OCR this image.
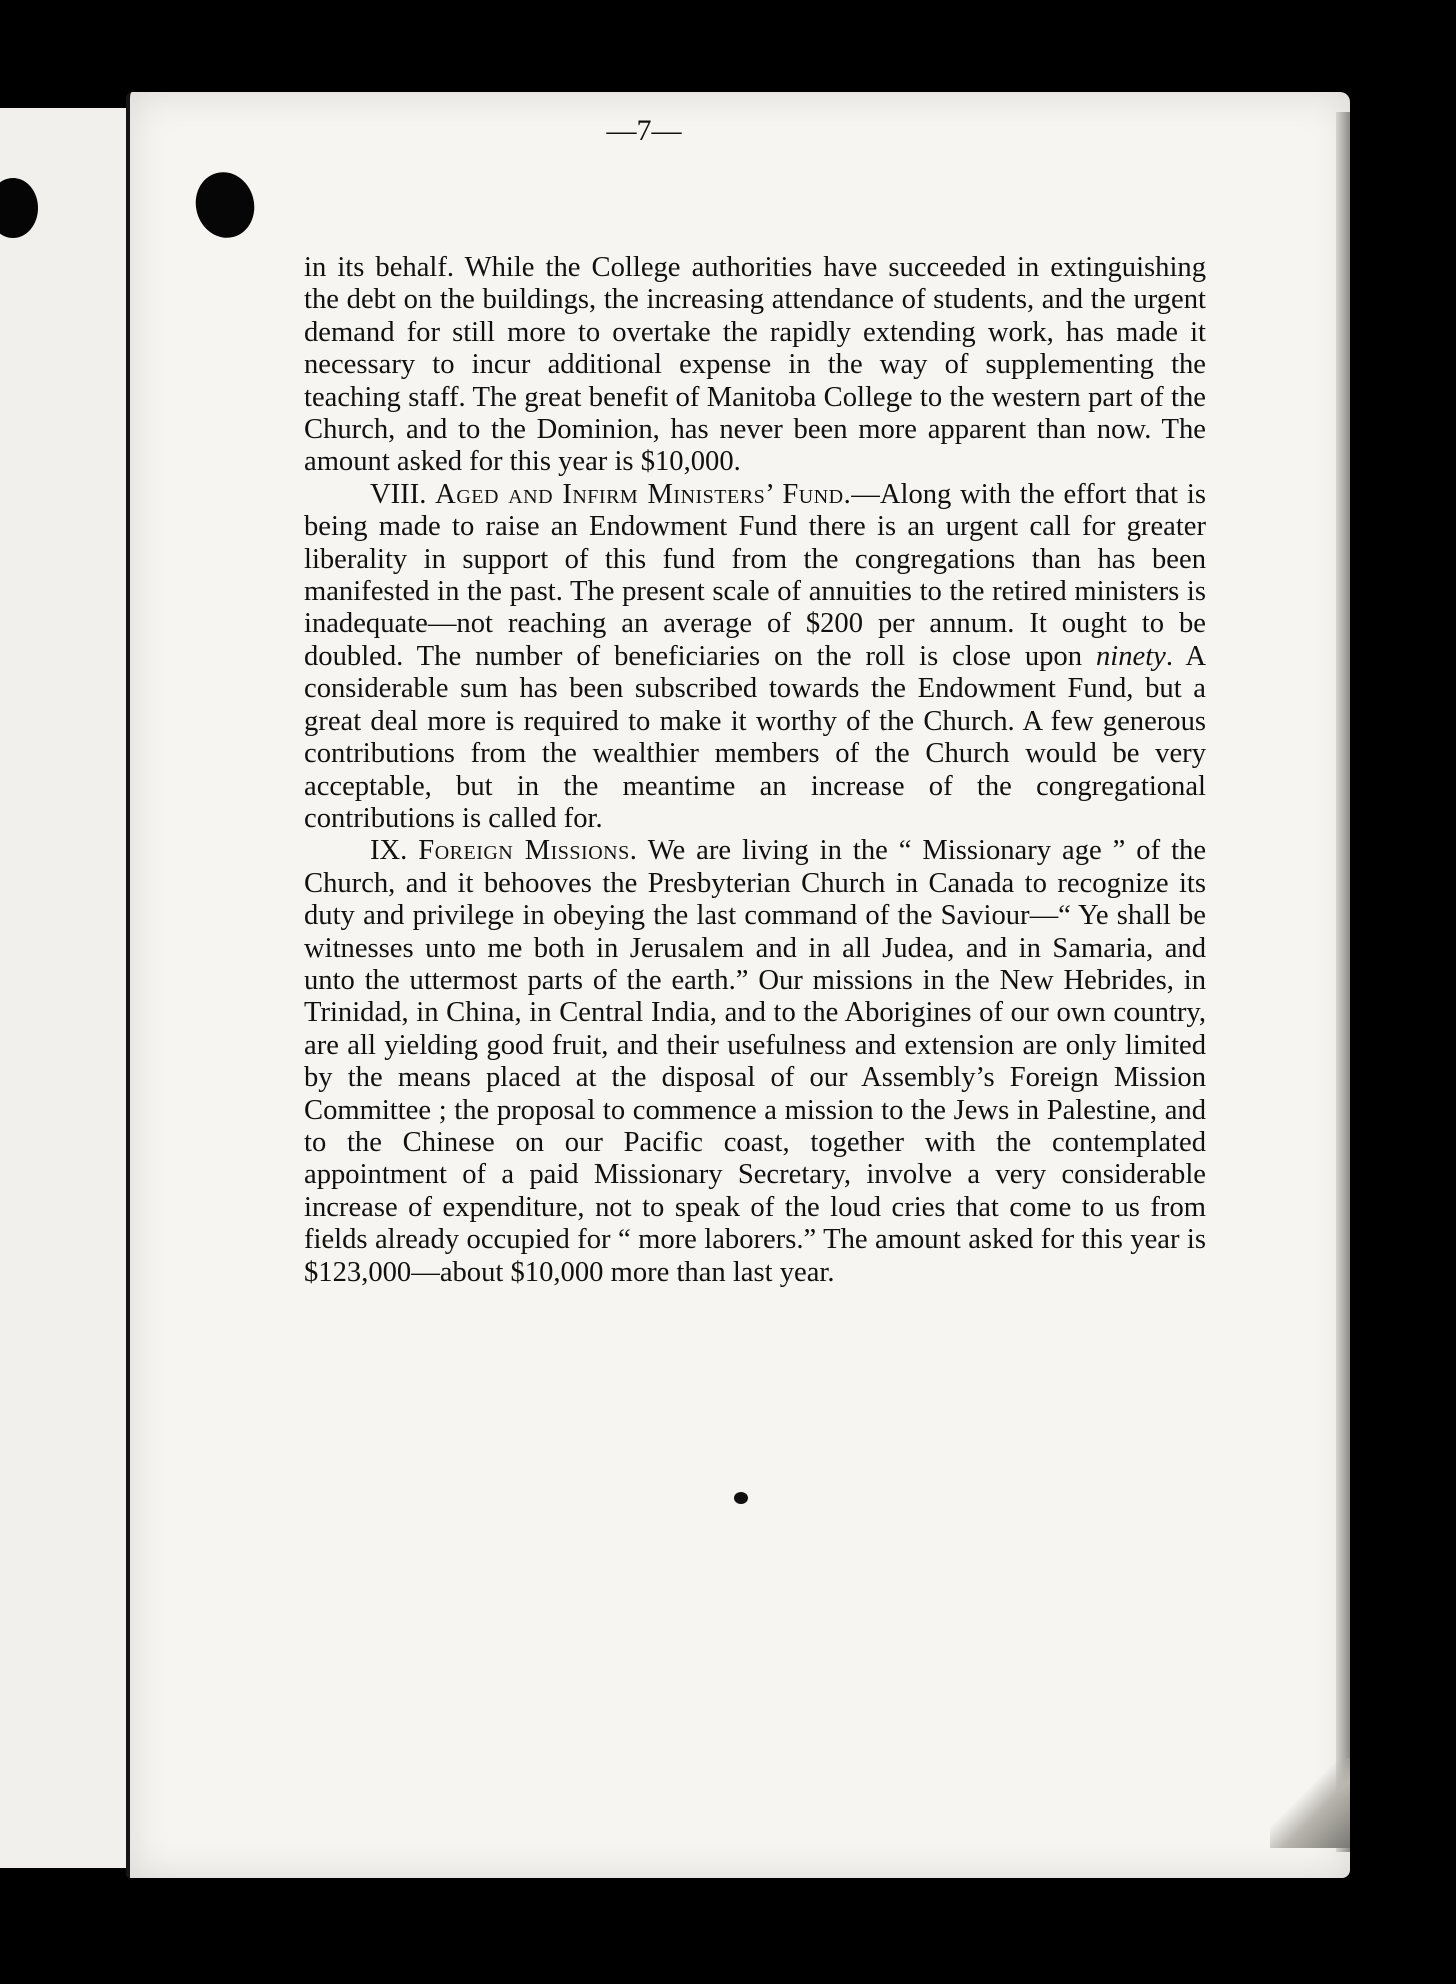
—7—

in its behalf. While the College authorities have succeeded in extinguishing the debt on the buildings, the increasing attendance of students, and the urgent demand for still more to overtake the rapidly extending work, has made it necessary to incur additional expense in the way of supplementing the teaching staff. The great benefit of Manitoba College to the western part of the Church, and to the Dominion, has never been more apparent than now. The amount asked for this year is $10,000.

VIII. Aged and Infirm Ministers’ Fund.—Along with the effort that is being made to raise an Endowment Fund there is an urgent call for greater liberality in support of this fund from the congregations than has been manifested in the past. The present scale of annuities to the retired ministers is inadequate—not reaching an average of $200 per annum. It ought to be doubled. The number of beneficiaries on the roll is close upon ninety. A considerable sum has been subscribed towards the Endowment Fund, but a great deal more is required to make it worthy of the Church. A few generous contributions from the wealthier members of the Church would be very acceptable, but in the meantime an increase of the congregational contributions is called for.

IX. Foreign Missions. We are living in the “ Missionary age ” of the Church, and it behooves the Presbyterian Church in Canada to recognize its duty and privilege in obeying the last command of the Saviour—“ Ye shall be witnesses unto me both in Jerusalem and in all Judea, and in Samaria, and unto the uttermost parts of the earth.” Our missions in the New Hebrides, in Trinidad, in China, in Central India, and to the Aborigines of our own country, are all yielding good fruit, and their usefulness and extension are only limited by the means placed at the disposal of our Assembly’s Foreign Mission Committee ; the proposal to commence a mission to the Jews in Palestine, and to the Chinese on our Pacific coast, together with the contemplated appointment of a paid Missionary Secretary, involve a very considerable increase of expenditure, not to speak of the loud cries that come to us from fields already occupied for “ more laborers.” The amount asked for this year is $123,000—about $10,000 more than last year.
